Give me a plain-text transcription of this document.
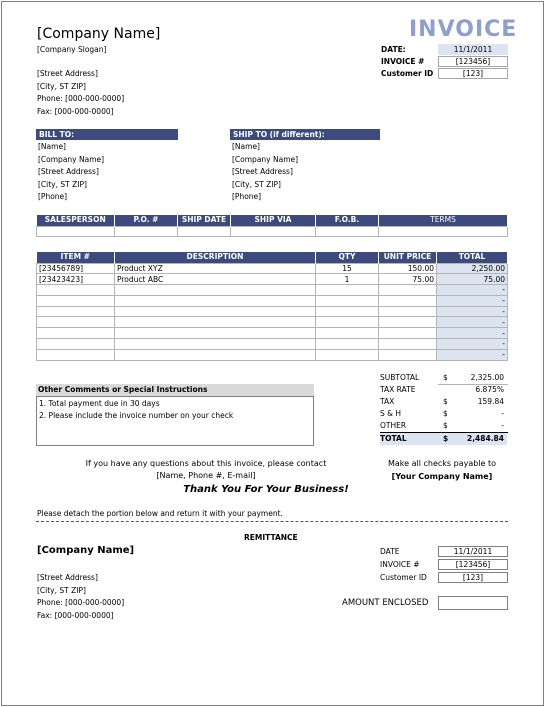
[Company Name]
[Company Slogan]
INVOICE
[Street Address]
[City, ST ZIP]
Phone: [000-000-0000]
Fax: [000-000-0000]
DATE:	11/1/2011
INVOICE #	[123456]
Customer ID	[123]
BILL TO:	SHIP TO (if different):
[Name]
[Company Name]
[Street Address]
[City, ST ZIP]
[Phone]
[Name]
[Company Name]
[Street Address]
[City, ST ZIP]
[Phone]
SALESPERSON	P.O. #	SHIP DATE	SHIP VIA	F.O.B.	TERMS

ITEM #	DESCRIPTION	QTY	UNIT PRICE	TOTAL
[23456789]	Product XYZ	15	150.00	2,250.00
[23423423]	Product ABC	1	75.00	75.00
				-
				-
				-
				-
				-
				-
				-
Other Comments or Special Instructions
1. Total payment due in 30 days
2. Please include the invoice number on your check
SUBTOTAL	$	2,325.00
TAX RATE	6.875%
TAX	$	159.84
S & H	$	-
OTHER	$	-
TOTAL	$	2,484.84
If you have any questions about this invoice, please contact
[Name, Phone #, E-mail]
Thank You For Your Business!
Make all checks payable to
[Your Company Name]
Please detach the portion below and return it with your payment.
REMITTANCE
[Company Name]
[Street Address]
[City, ST ZIP]
Phone: [000-000-0000]
Fax: [000-000-0000]
DATE	11/1/2011
INVOICE #	[123456]
Customer ID	[123]
AMOUNT ENCLOSED
